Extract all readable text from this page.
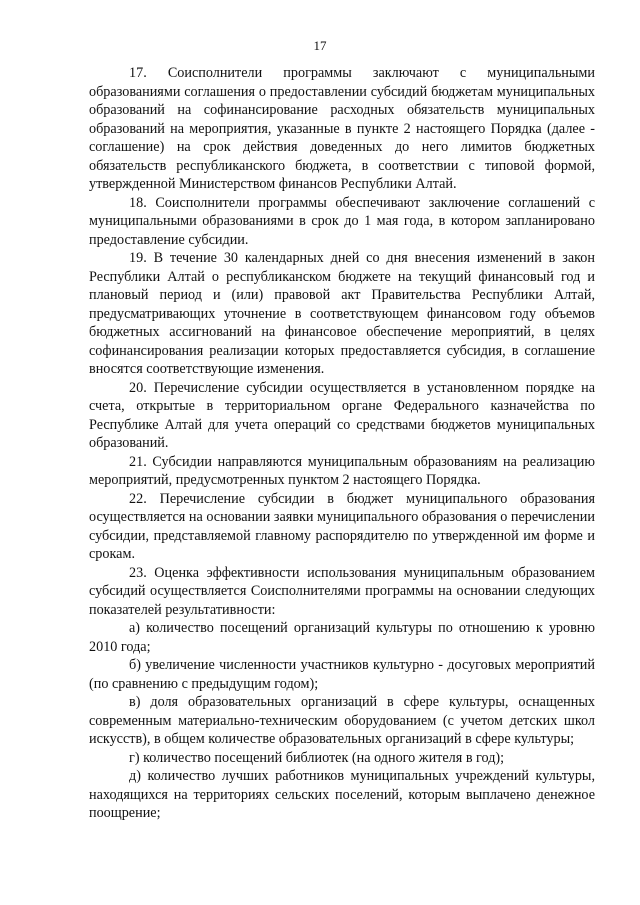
17

17. Соисполнители программы заключают с муниципальными образованиями соглашения о предоставлении субсидий бюджетам муниципальных образований на софинансирование расходных обязательств муниципальных образований на мероприятия, указанные в пункте 2 настоящего Порядка (далее - соглашение) на срок действия доведенных до него лимитов бюджетных обязательств республиканского бюджета, в соответствии с типовой формой, утвержденной Министерством финансов Республики Алтай.

18. Соисполнители программы обеспечивают заключение соглашений с муниципальными образованиями в срок до 1 мая года, в котором запланировано предоставление субсидии.

19. В течение 30 календарных дней со дня внесения изменений в закон Республики Алтай о республиканском бюджете на текущий финансовый год и плановый период и (или) правовой акт Правительства Республики Алтай, предусматривающих уточнение в соответствующем финансовом году объемов бюджетных ассигнований на финансовое обеспечение мероприятий, в целях софинансирования реализации которых предоставляется субсидия, в соглашение вносятся соответствующие изменения.

20. Перечисление субсидии осуществляется в установленном порядке на счета, открытые в территориальном органе Федерального казначейства по Республике Алтай для учета операций со средствами бюджетов муниципальных образований.

21. Субсидии направляются муниципальным образованиям на реализацию мероприятий, предусмотренных пунктом 2 настоящего Порядка.

22. Перечисление субсидии в бюджет муниципального образования осуществляется на основании заявки муниципального образования о перечислении субсидии, представляемой главному распорядителю по утвержденной им форме и срокам.

23. Оценка эффективности использования муниципальным образованием субсидий осуществляется Соисполнителями программы на основании следующих показателей результативности:

а) количество посещений организаций культуры по отношению к уровню 2010 года;

б) увеличение численности участников культурно - досуговых мероприятий (по сравнению с предыдущим годом);

в) доля образовательных организаций в сфере культуры, оснащенных современным материально-техническим оборудованием (с учетом детских школ искусств), в общем количестве образовательных организаций в сфере культуры;

г) количество посещений библиотек (на одного жителя в год);

д) количество лучших работников муниципальных учреждений культуры, находящихся на территориях сельских поселений, которым выплачено денежное поощрение;
